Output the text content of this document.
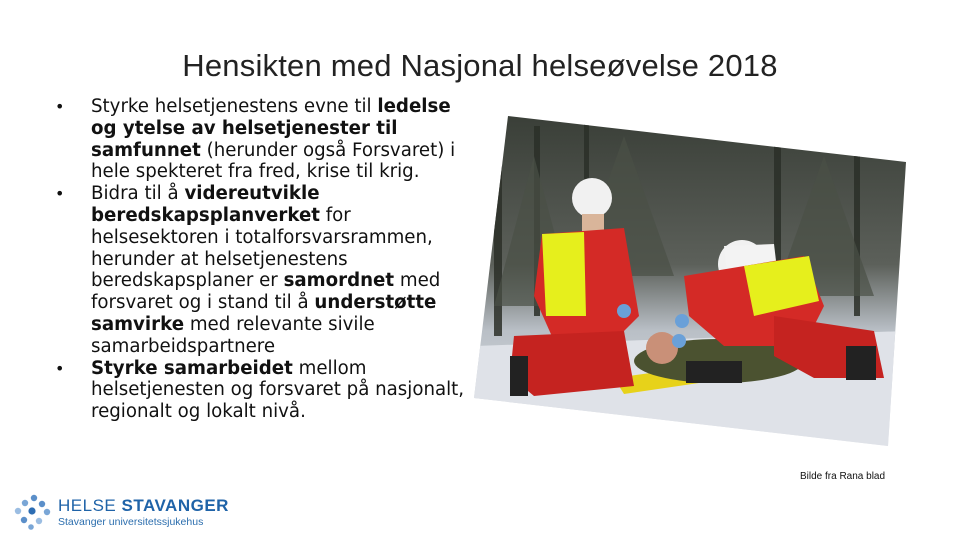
Hensikten med Nasjonal helseøvelse 2018
• Styrke helsetjenestens evne til ledelse og ytelse av helsetjenester til samfunnet (herunder også Forsvaret) i hele spekteret fra fred, krise til krig.
• Bidra til å videreutvikle beredskapsplanverket for helsesektoren i totalforsvarsrammen, herunder at helsetjenestens beredskapsplaner er samordnet med forsvaret og i stand til å understøtte samvirke med relevante sivile samarbeidspartnere
• Styrke samarbeidet mellom helsetjenesten og forsvaret på nasjonalt, regionalt og lokalt nivå.
Bilde fra Rana blad
HELSE STAVANGER
Stavanger universitetssjukehus
